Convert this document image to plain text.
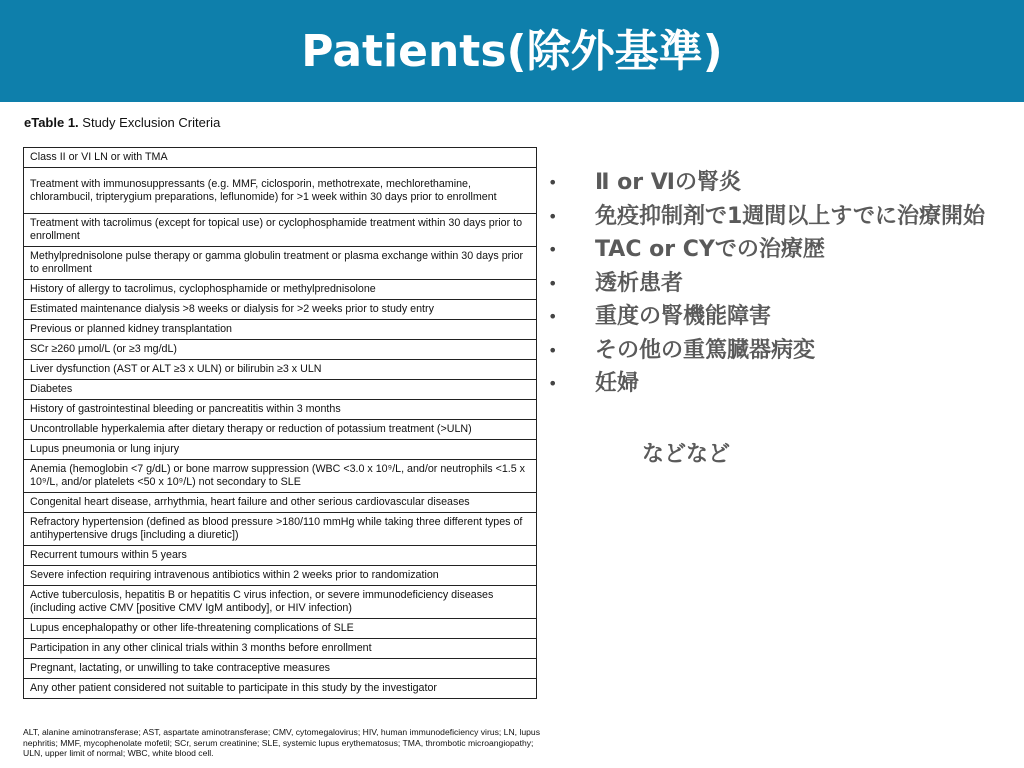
Patients(除外基準)
eTable 1. Study Exclusion Criteria
Class II or VI LN or with TMA
Treatment with immunosuppressants (e.g. MMF, ciclosporin, methotrexate, mechlorethamine, chlorambucil, tripterygium preparations, leflunomide) for >1 week within 30 days prior to enrollment
Treatment with tacrolimus (except for topical use) or cyclophosphamide treatment within 30 days prior to enrollment
Methylprednisolone pulse therapy or gamma globulin treatment or plasma exchange within 30 days prior to enrollment
History of allergy to tacrolimus, cyclophosphamide or methylprednisolone
Estimated maintenance dialysis >8 weeks or dialysis for >2 weeks prior to study entry
Previous or planned kidney transplantation
SCr ≥260 μmol/L (or ≥3 mg/dL)
Liver dysfunction (AST or ALT ≥3 x ULN) or bilirubin ≥3 x ULN
Diabetes
History of gastrointestinal bleeding or pancreatitis within 3 months
Uncontrollable hyperkalemia after dietary therapy or reduction of potassium treatment (>ULN)
Lupus pneumonia or lung injury
Anemia (hemoglobin <7 g/dL) or bone marrow suppression (WBC <3.0 x 10⁹/L, and/or neutrophils <1.5 x 10⁹/L, and/or platelets <50 x 10⁹/L) not secondary to SLE
Congenital heart disease, arrhythmia, heart failure and other serious cardiovascular diseases
Refractory hypertension (defined as blood pressure >180/110 mmHg while taking three different types of antihypertensive drugs [including a diuretic])
Recurrent tumours within 5 years
Severe infection requiring intravenous antibiotics within 2 weeks prior to randomization
Active tuberculosis, hepatitis B or hepatitis C virus infection, or severe immunodeficiency diseases (including active CMV [positive CMV IgM antibody], or HIV infection)
Lupus encephalopathy or other life-threatening complications of SLE
Participation in any other clinical trials within 3 months before enrollment
Pregnant, lactating, or unwilling to take contraceptive measures
Any other patient considered not suitable to participate in this study by the investigator
ALT, alanine aminotransferase; AST, aspartate aminotransferase; CMV, cytomegalovirus; HIV, human immunodeficiency virus; LN, lupus nephritis; MMF, mycophenolate mofetil; SCr, serum creatinine; SLE, systemic lupus erythematosus; TMA, thrombotic microangiopathy; ULN, upper limit of normal; WBC, white blood cell.
• Ⅱ or Ⅵの腎炎
• 免疫抑制剤で1週間以上すでに治療開始
• TAC or CYでの治療歴
• 透析患者
• 重度の腎機能障害
• その他の重篤臓器病変
• 妊婦
などなど
